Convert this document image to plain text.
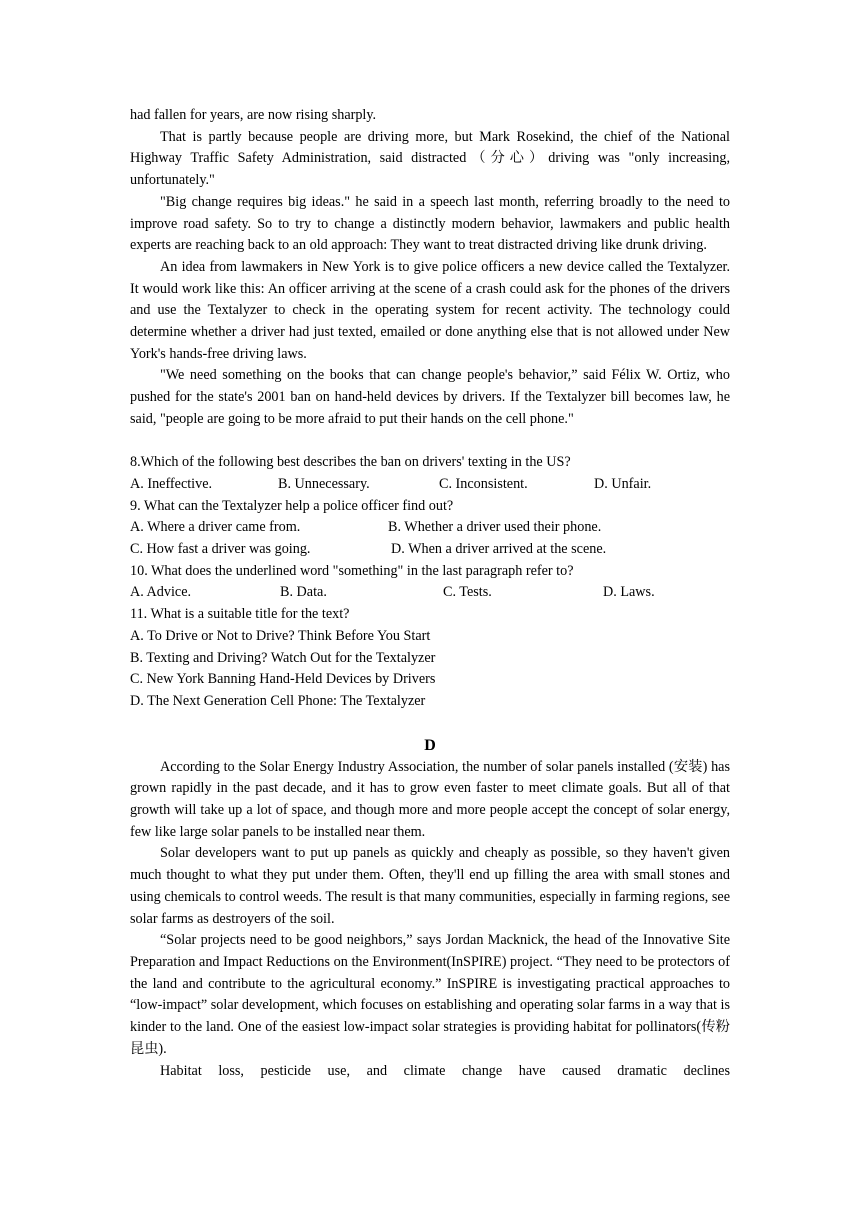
had fallen for years, are now rising sharply.

That is partly because people are driving more, but Mark Rosekind, the chief of the National Highway Traffic Safety Administration, said distracted（分心）driving was "only increasing, unfortunately."

"Big change requires big ideas." he said in a speech last month, referring broadly to the need to improve road safety. So to try to change a distinctly modern behavior, lawmakers and public health experts are reaching back to an old approach: They want to treat distracted driving like drunk driving.

An idea from lawmakers in New York is to give police officers a new device called the Textalyzer. It would work like this: An officer arriving at the scene of a crash could ask for the phones of the drivers and use the Textalyzer to check in the operating system for recent activity. The technology could determine whether a driver had just texted, emailed or done anything else that is not allowed under New York's hands-free driving laws.

"We need something on the books that can change people's behavior,” said Félix W. Ortiz, who pushed for the state's 2001 ban on hand-held devices by drivers. If the Textalyzer bill becomes law, he said, "people are going to be more afraid to put their hands on the cell phone."

8.Which of the following best describes the ban on drivers' texting in the US?
A. Ineffective.	B. Unnecessary.	C. Inconsistent.	D. Unfair.
9. What can the Textalyzer help a police officer find out?
A. Where a driver came from.	B. Whether a driver used their phone.
C. How fast a driver was going.	D. When a driver arrived at the scene.
10. What does the underlined word "something" in the last paragraph refer to?
A. Advice.	B. Data.	C. Tests.	D. Laws.
11. What is a suitable title for the text?
A. To Drive or Not to Drive? Think Before You Start
B. Texting and Driving? Watch Out for the Textalyzer
C. New York Banning Hand-Held Devices by Drivers
D. The Next Generation Cell Phone: The Textalyzer
D

According to the Solar Energy Industry Association, the number of solar panels installed (安装) has grown rapidly in the past decade, and it has to grow even faster to meet climate goals. But all of that growth will take up a lot of space, and though more and more people accept the concept of solar energy, few like large solar panels to be installed near them.

Solar developers want to put up panels as quickly and cheaply as possible, so they haven't given much thought to what they put under them. Often, they'll end up filling the area with small stones and using chemicals to control weeds. The result is that many communities, especially in farming regions, see solar farms as destroyers of the soil.

“Solar projects need to be good neighbors,” says Jordan Macknick, the head of the Innovative Site Preparation and Impact Reductions on the Environment(InSPIRE) project. “They need to be protectors of the land and contribute to the agricultural economy.” InSPIRE is investigating practical approaches to “low-impact” solar development, which focuses on establishing and operating solar farms in a way that is kinder to the land. One of the easiest low-impact solar strategies is providing habitat for pollinators(传粉昆虫).

Habitat loss, pesticide use, and climate change have caused dramatic declines
